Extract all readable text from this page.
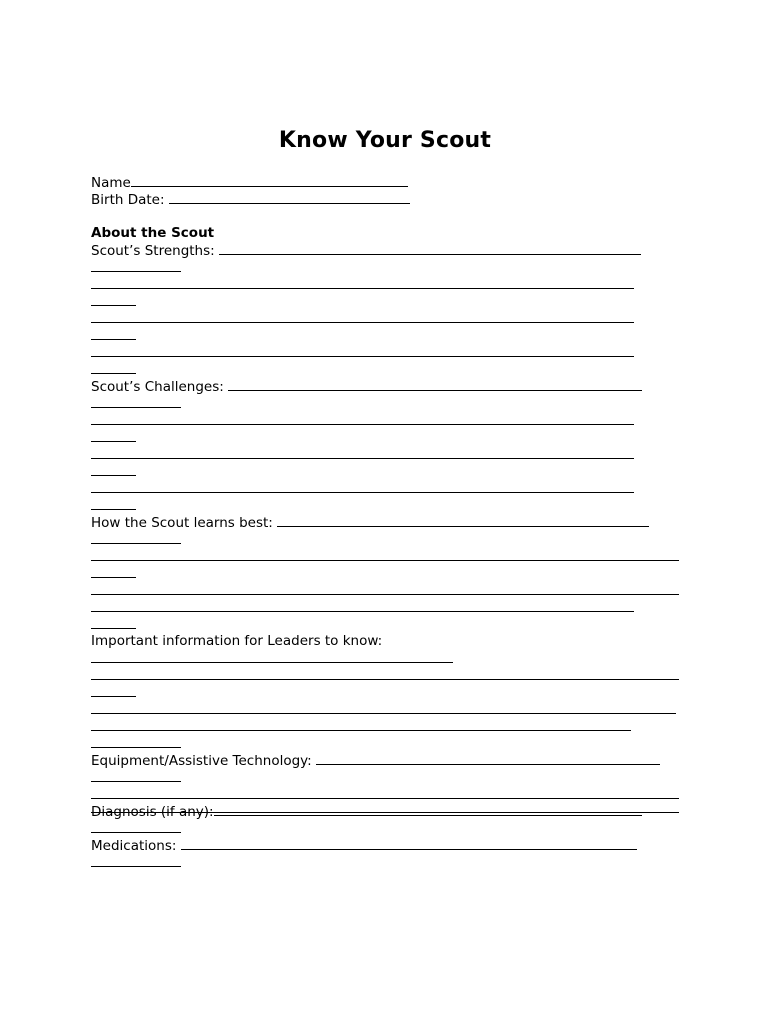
Know Your Scout
Name
Birth Date:
About the Scout
Scout’s Strengths:
Scout’s Challenges:
How the Scout learns best:
Important information for Leaders to know:
Equipment/Assistive Technology:
Diagnosis (if any):
Medications:
